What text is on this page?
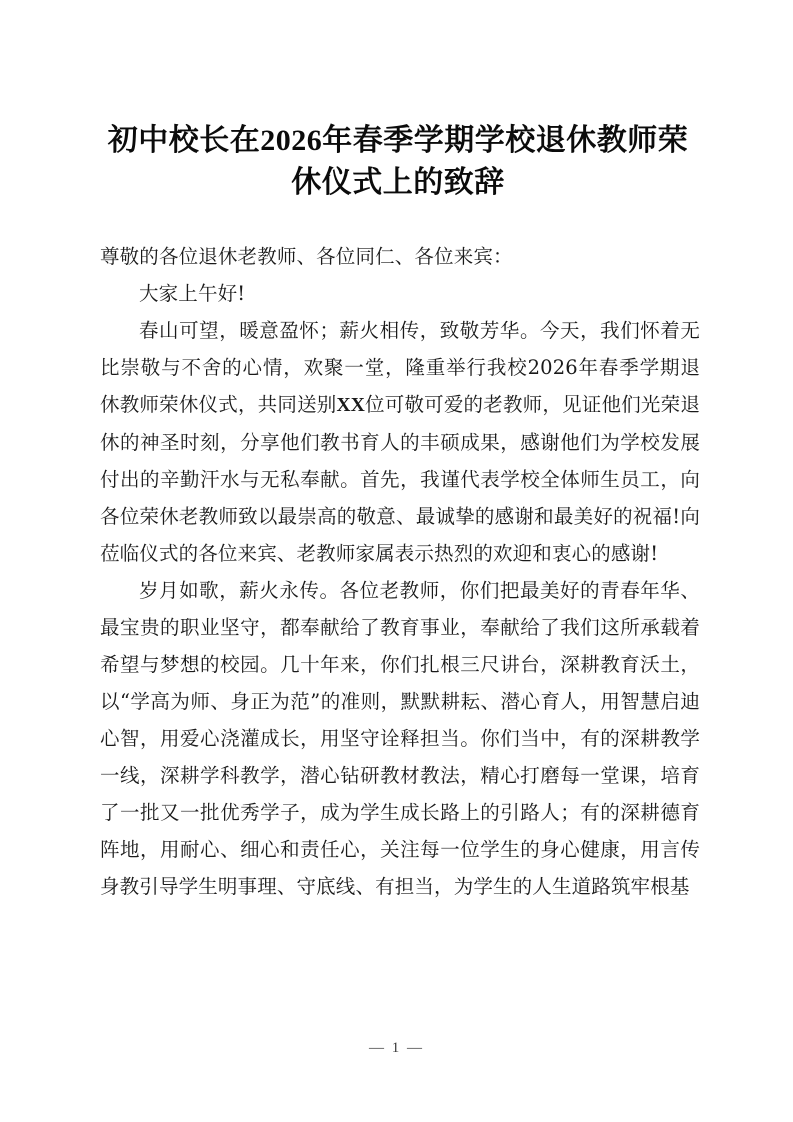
初中校长在2026年春季学期学校退休教师荣休仪式上的致辞

尊敬的各位退休老教师、各位同仁、各位来宾：

大家上午好!

春山可望，暖意盈怀；薪火相传，致敬芳华。今天，我们怀着无比崇敬与不舍的心情，欢聚一堂，隆重举行我校2026年春季学期退休教师荣休仪式，共同送别XX位可敬可爱的老教师，见证他们光荣退休的神圣时刻，分享他们教书育人的丰硕成果，感谢他们为学校发展付出的辛勤汗水与无私奉献。首先，我谨代表学校全体师生员工，向各位荣休老教师致以最崇高的敬意、最诚挚的感谢和最美好的祝福!向莅临仪式的各位来宾、老教师家属表示热烈的欢迎和衷心的感谢!

岁月如歌，薪火永传。各位老教师，你们把最美好的青春年华、最宝贵的职业坚守，都奉献给了教育事业，奉献给了我们这所承载着希望与梦想的校园。几十年来，你们扎根三尺讲台，深耕教育沃土，以“学高为师、身正为范”的准则，默默耕耘、潜心育人，用智慧启迪心智，用爱心浇灌成长，用坚守诠释担当。你们当中，有的深耕教学一线，深耕学科教学，潜心钻研教材教法，精心打磨每一堂课，培育了一批又一批优秀学子，成为学生成长路上的引路人；有的深耕德育阵地，用耐心、细心和责任心，关注每一位学生的身心健康，用言传身教引导学生明事理、守底线、有担当，为学生的人生道路筑牢根基

— 1 —
